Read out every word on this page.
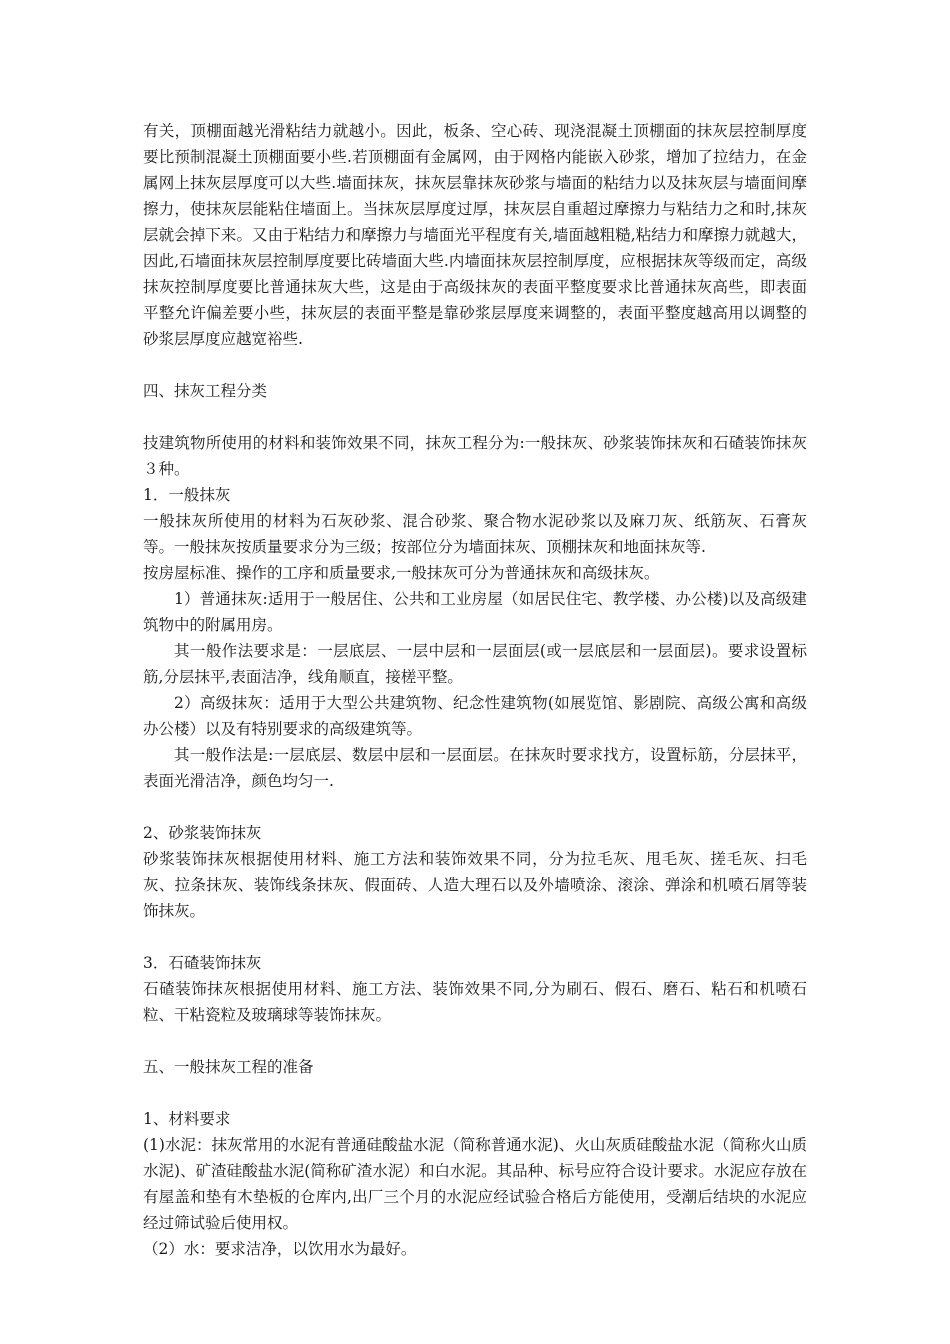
有关，顶棚面越光滑粘结力就越小。因此，板条、空心砖、现浇混凝土顶棚面的抹灰层控制厚度要比预制混凝土顶棚面要小些.若顶棚面有金属网，由于网格内能嵌入砂浆，增加了拉结力，在金属网上抹灰层厚度可以大些.墙面抹灰，抹灰层靠抹灰砂浆与墙面的粘结力以及抹灰层与墙面间摩擦力，使抹灰层能粘住墙面上。当抹灰层厚度过厚，抹灰层自重超过摩擦力与粘结力之和时,抹灰层就会掉下来。又由于粘结力和摩擦力与墙面光平程度有关,墙面越粗糙,粘结力和摩擦力就越大，因此,石墙面抹灰层控制厚度要比砖墙面大些.内墙面抹灰层控制厚度，应根据抹灰等级而定，高级抹灰控制厚度要比普通抹灰大些，这是由于高级抹灰的表面平整度要求比普通抹灰高些，即表面平整允许偏差要小些，抹灰层的表面平整是靠砂浆层厚度来调整的，表面平整度越高用以调整的砂浆层厚度应越宽裕些.

四、抹灰工程分类

技建筑物所使用的材料和装饰效果不同，抹灰工程分为:一般抹灰、砂浆装饰抹灰和石碴装饰抹灰３种。

1．一般抹灰

一般抹灰所使用的材料为石灰砂浆、混合砂浆、聚合物水泥砂浆以及麻刀灰、纸筋灰、石膏灰等。一般抹灰按质量要求分为三级；按部位分为墙面抹灰、顶棚抹灰和地面抹灰等.

按房屋标准、操作的工序和质量要求,一般抹灰可分为普通抹灰和高级抹灰。

1）普通抹灰:适用于一般居住、公共和工业房屋（如居民住宅、教学楼、办公楼)以及高级建筑物中的附属用房。

其一般作法要求是：一层底层、一层中层和一层面层(或一层底层和一层面层)。要求设置标筋,分层抹平,表面洁净，线角顺直，接槎平整。

2）高级抹灰：适用于大型公共建筑物、纪念性建筑物(如展览馆、影剧院、高级公寓和高级办公楼）以及有特别要求的高级建筑等。

其一般作法是:一层底层、数层中层和一层面层。在抹灰时要求找方，设置标筋，分层抹平，表面光滑洁净，颜色均匀一.

2、砂浆装饰抹灰

砂浆装饰抹灰根据使用材料、施工方法和装饰效果不同，分为拉毛灰、甩毛灰、搓毛灰、扫毛灰、拉条抹灰、装饰线条抹灰、假面砖、人造大理石以及外墙喷涂、滚涂、弹涂和机喷石屑等装饰抹灰。

3．石碴装饰抹灰

石碴装饰抹灰根据使用材料、施工方法、装饰效果不同,分为刷石、假石、磨石、粘石和机喷石粒、干粘瓷粒及玻璃球等装饰抹灰。

五、一般抹灰工程的准备

1、材料要求

(1)水泥：抹灰常用的水泥有普通硅酸盐水泥（简称普通水泥)、火山灰质硅酸盐水泥（简称火山质水泥)、矿渣硅酸盐水泥(简称矿渣水泥）和白水泥。其品种、标号应符合设计要求。水泥应存放在有屋盖和垫有木垫板的仓库内,出厂三个月的水泥应经试验合格后方能使用，受潮后结块的水泥应经过筛试验后使用权。

（2）水：要求洁净，以饮用水为最好。
